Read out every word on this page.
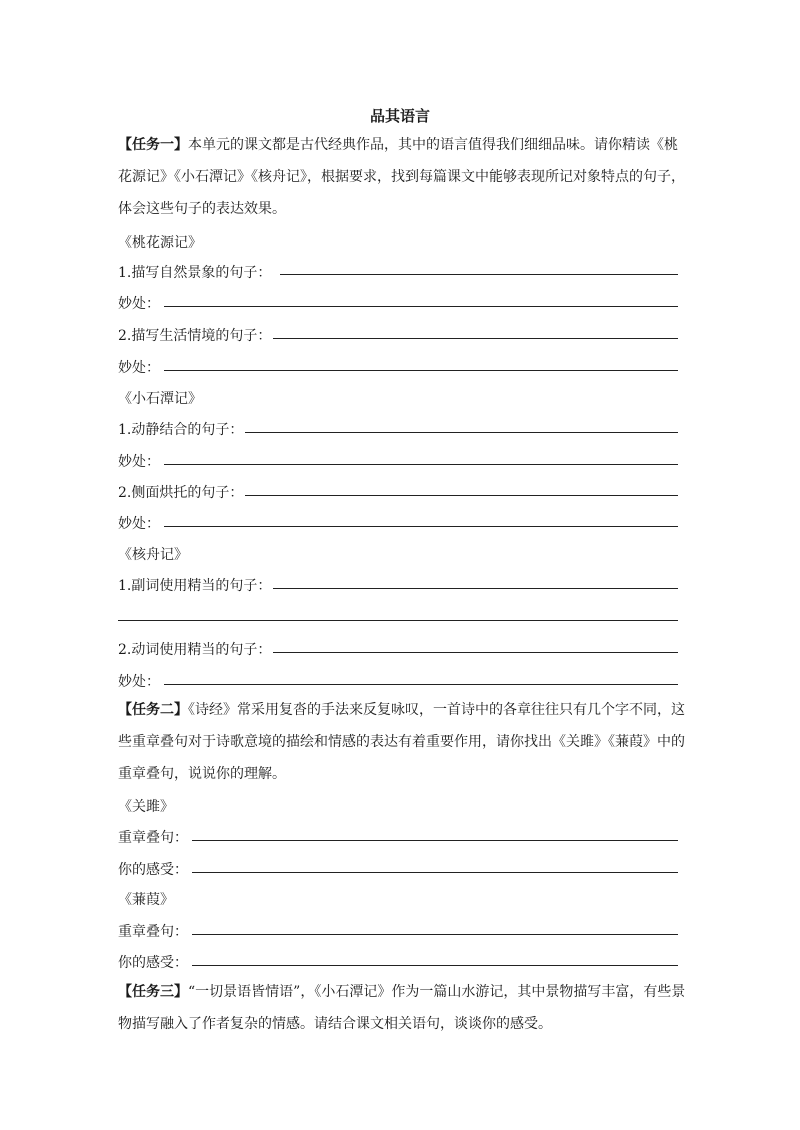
品其语言
【任务一】本单元的课文都是古代经典作品，其中的语言值得我们细细品味。请你精读《桃花源记》《小石潭记》《核舟记》，根据要求，找到每篇课文中能够表现所记对象特点的句子，体会这些句子的表达效果。
《桃花源记》
1.描写自然景象的句子：
妙处：
2.描写生活情境的句子：
妙处：
《小石潭记》
1.动静结合的句子：
妙处：
2.侧面烘托的句子：
妙处：
《核舟记》
1.副词使用精当的句子：
2.动词使用精当的句子：
妙处：
【任务二】《诗经》常采用复沓的手法来反复咏叹，一首诗中的各章往往只有几个字不同，这些重章叠句对于诗歌意境的描绘和情感的表达有着重要作用，请你找出《关雎》《蒹葭》中的重章叠句，说说你的理解。
《关雎》
重章叠句：
你的感受：
《蒹葭》
重章叠句：
你的感受：
【任务三】“一切景语皆情语”，《小石潭记》作为一篇山水游记，其中景物描写丰富，有些景物描写融入了作者复杂的情感。请结合课文相关语句，谈谈你的感受。
